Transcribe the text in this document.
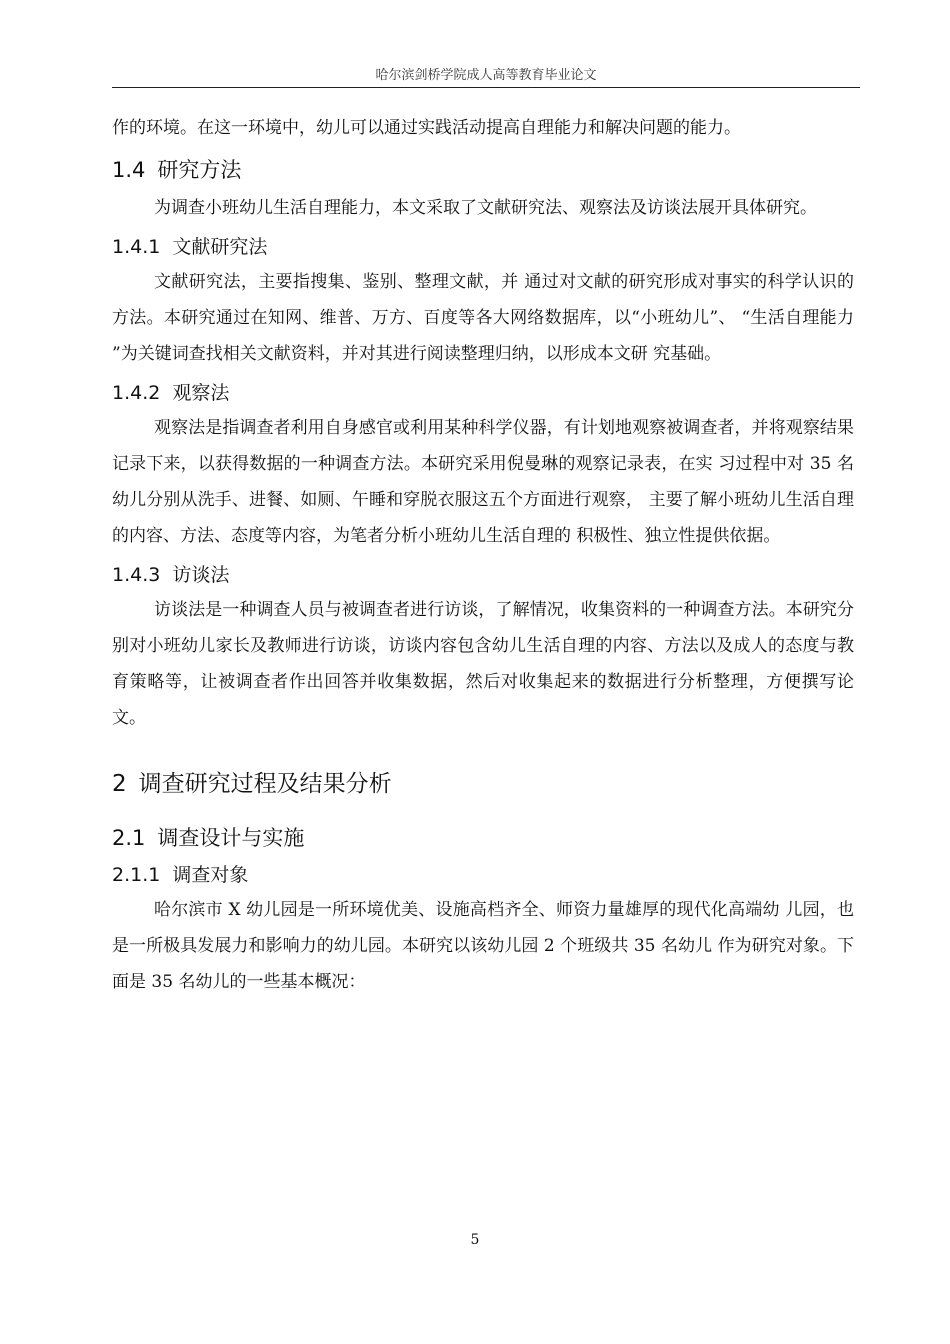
哈尔滨剑桥学院成人高等教育毕业论文

作的环境。在这一环境中，幼儿可以通过实践活动提高自理能力和解决问题的能力。

1.4 研究方法

为调查小班幼儿生活自理能力，本文采取了文献研究法、观察法及访谈法展开具体研究。

1.4.1 文献研究法

文献研究法，主要指搜集、鉴别、整理文献，并 通过对文献的研究形成对事实的科学认识的方法。本研究通过在知网、维普、万方、百度等各大网络数据库，以“小班幼儿”、 “生活自理能力 ”为关键词查找相关文献资料，并对其进行阅读整理归纳，以形成本文研 究基础。

1.4.2 观察法

观察法是指调查者利用自身感官或利用某种科学仪器，有计划地观察被调查者，并将观察结果记录下来，以获得数据的一种调查方法。本研究采用倪曼琳的观察记录表，在实 习过程中对 35 名幼儿分别从洗手、进餐、如厕、午睡和穿脱衣服这五个方面进行观察， 主要了解小班幼儿生活自理的内容、方法、态度等内容，为笔者分析小班幼儿生活自理的 积极性、独立性提供依据。

1.4.3 访谈法

访谈法是一种调查人员与被调查者进行访谈，了解情况，收集资料的一种调查方法。本研究分别对小班幼儿家长及教师进行访谈，访谈内容包含幼儿生活自理的内容、方法以及成人的态度与教育策略等，让被调查者作出回答并收集数据，然后对收集起来的数据进行分析整理，方便撰写论文。

2 调查研究过程及结果分析
2.1 调查设计与实施
2.1.1 调查对象

哈尔滨市 X 幼儿园是一所环境优美、设施高档齐全、师资力量雄厚的现代化高端幼 儿园，也是一所极具发展力和影响力的幼儿园。本研究以该幼儿园 2 个班级共 35 名幼儿 作为研究对象。下面是 35 名幼儿的一些基本概况：

5
